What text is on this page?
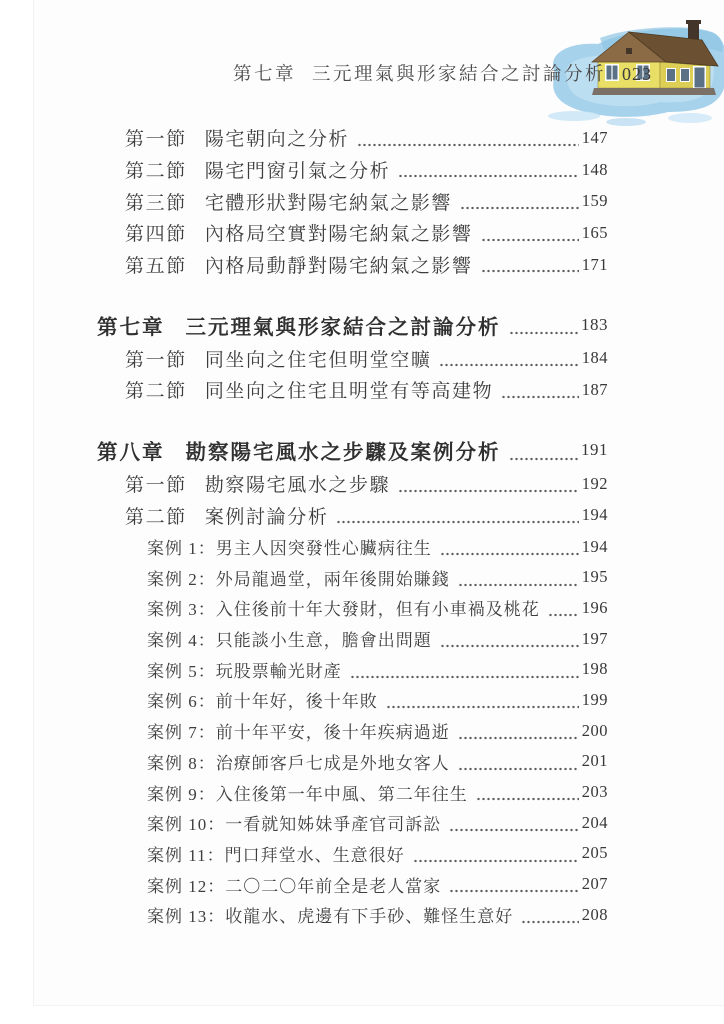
第七章 三元理氣與形家結合之討論分析 023
第一節 陽宅朝向之分析	147
第二節 陽宅門窗引氣之分析	148
第三節 宅體形狀對陽宅納氣之影響	159
第四節 內格局空實對陽宅納氣之影響	165
第五節 內格局動靜對陽宅納氣之影響	171
第七章 三元理氣與形家結合之討論分析	183
第一節 同坐向之住宅但明堂空曠	184
第二節 同坐向之住宅且明堂有等高建物	187
第八章 勘察陽宅風水之步驟及案例分析	191
第一節 勘察陽宅風水之步驟	192
第二節 案例討論分析	194
案例 1： 男主人因突發性心臟病往生	194
案例 2： 外局龍過堂，兩年後開始賺錢	195
案例 3： 入住後前十年大發財，但有小車禍及桃花	196
案例 4： 只能談小生意，膽會出問題	197
案例 5： 玩股票輸光財產	198
案例 6： 前十年好，後十年敗	199
案例 7： 前十年平安，後十年疾病過逝	200
案例 8： 治療師客戶七成是外地女客人	201
案例 9： 入住後第一年中風、第二年往生	203
案例 10： 一看就知姊妹爭產官司訴訟	204
案例 11： 門口拜堂水、生意很好	205
案例 12： 二〇二〇年前全是老人當家	207
案例 13： 收龍水、虎邊有下手砂、難怪生意好	208
